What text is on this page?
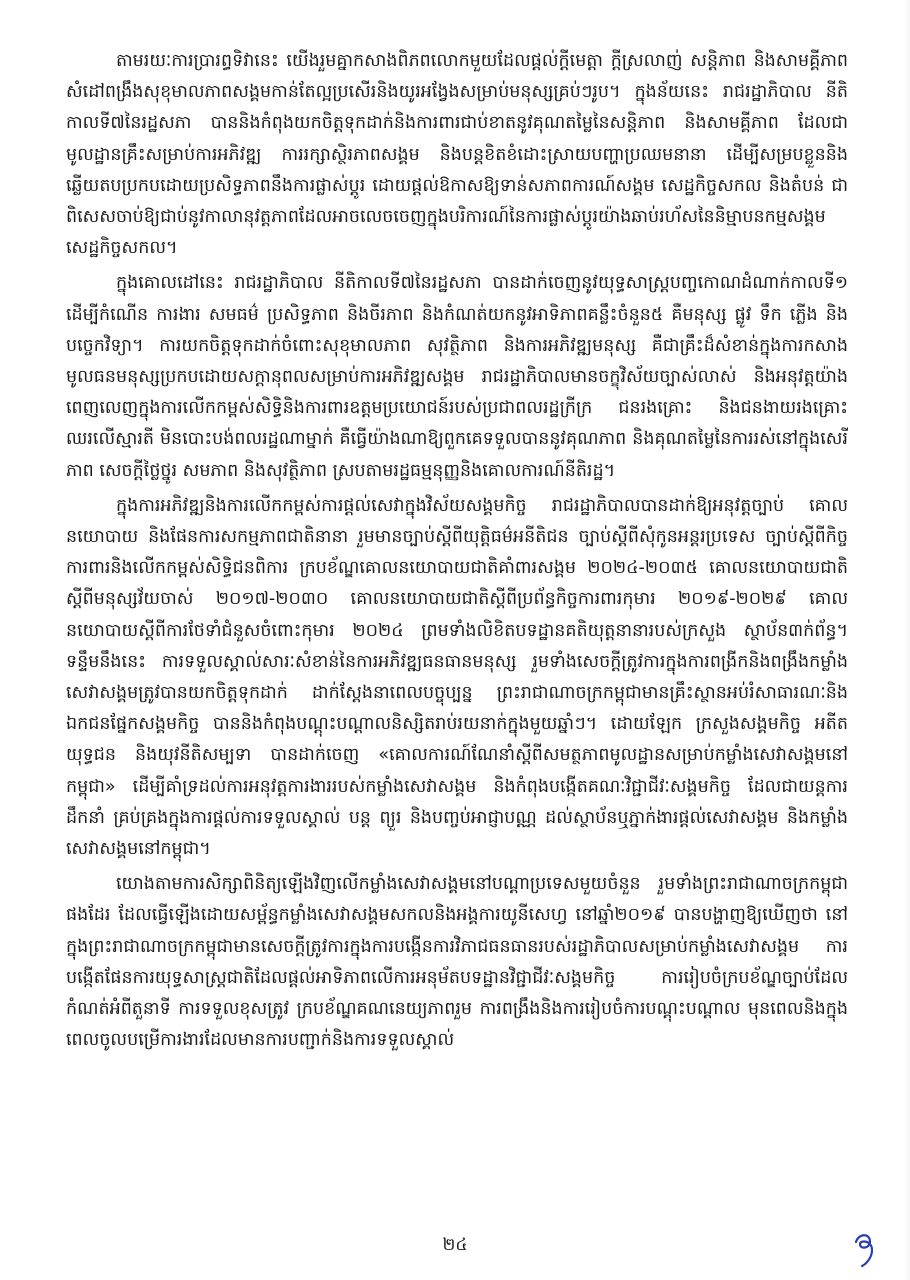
តាមរយៈការប្រារព្ធទិវានេះ យើងរួមគ្នាកសាងពិភពលោកមួយដែលផ្តល់ក្តីមេត្តា ក្តីស្រលាញ់ សន្តិភាព និងសាមគ្គីភាព សំដៅពង្រឹងសុខុមាលភាពសង្គមកាន់តែល្អប្រសើរនិងយូរអង្វែងសម្រាប់មនុស្សគ្រប់ៗរូប។ ក្នុងន័យនេះ រាជរដ្ឋាភិបាល នីតិកាលទី៧នៃរដ្ឋសភា បាននិងកំពុងយកចិត្តទុកដាក់និងការពារជាប់ខាតនូវគុណតម្លៃនៃសន្តិភាព និងសាមគ្គីភាព ដែលជាមូលដ្ឋានគ្រឹះសម្រាប់ការអភិវឌ្ឍ ការរក្សាស្ថិរភាពសង្គម និងបន្តខិតខំដោះស្រាយបញ្ហាប្រឈមនានា ដើម្បីសម្របខ្លួននិងឆ្លើយតបប្រកបដោយប្រសិទ្ធភាពនឹងការផ្លាស់ប្តូរ ដោយផ្តល់ឱកាសឱ្យទាន់សភាពការណ៍សង្គម សេដ្ឋកិច្ចសកល និងតំបន់ ជាពិសេសចាប់ឱ្យជាប់នូវកាលានុវត្តភាពដែលអាចលេចចេញក្នុងបរិការណ៍នៃការផ្លាស់ប្តូរយ៉ាងឆាប់រហ័សនៃនិម្មាបនកម្មសង្គម សេដ្ឋកិច្ចសកល។

ក្នុងគោលដៅនេះ រាជរដ្ឋាភិបាល នីតិកាលទី៧នៃរដ្ឋសភា បានដាក់ចេញនូវយុទ្ធសាស្ត្របញ្ចកោណដំណាក់កាលទី១ ដើម្បីកំណើន ការងារ សមធម៌ ប្រសិទ្ធភាព និងចីរភាព និងកំណត់យកនូវអាទិភាពគន្លឹះចំនួន៥ គឺមនុស្ស ផ្លូវ ទឹក ភ្លើង និងបច្ចេកវិទ្យា។ ការយកចិត្តទុកដាក់ចំពោះសុខុមាលភាព សុវត្ថិភាព និងការអភិវឌ្ឍមនុស្ស គឺជាគ្រឹះដ៏សំខាន់ក្នុងការកសាងមូលធនមនុស្សប្រកបដោយសក្តានុពលសម្រាប់ការអភិវឌ្ឍសង្គម រាជរដ្ឋាភិបាលមានចក្ខុវិស័យច្បាស់លាស់ និងអនុវត្តយ៉ាងពេញលេញក្នុងការលើកកម្ពស់សិទ្ធិនិងការពារឧត្តមប្រយោជន៍របស់ប្រជាពលរដ្ឋក្រីក្រ ជនរងគ្រោះ និងជនងាយរងគ្រោះ ឈរលើស្មារតី មិនបោះបង់ពលរដ្ឋណាម្នាក់ គឺធ្វើយ៉ាងណាឱ្យពួកគេទទួលបាននូវគុណភាព និងគុណតម្លៃនៃការរស់នៅក្នុងសេរីភាព សេចក្តីថ្លៃថ្នូរ សមភាព និងសុវត្ថិភាព ស្របតាមរដ្ឋធម្មនុញ្ញនិងគោលការណ៍នីតិរដ្ឋ។

ក្នុងការអភិវឌ្ឍនិងការលើកកម្ពស់ការផ្តល់សេវាក្នុងវិស័យសង្គមកិច្ច រាជរដ្ឋាភិបាលបានដាក់ឱ្យអនុវត្តច្បាប់ គោលនយោបាយ និងផែនការសកម្មភាពជាតិនានា រួមមានច្បាប់ស្តីពីយុត្តិធម៌អនីតិជន ច្បាប់ស្តីពីសុំកូនអន្តរប្រទេស ច្បាប់ស្តីពីកិច្ចការពារនិងលើកកម្ពស់សិទ្ធិជនពិការ ក្របខ័ណ្ឌគោលនយោបាយជាតិគាំពារសង្គម ២០២៤-២០៣៥ គោលនយោបាយជាតិស្តីពីមនុស្សវ័យចាស់ ២០១៧-២០៣០ គោលនយោបាយជាតិស្តីពីប្រព័ន្ធកិច្ចការពារកុមារ ២០១៩-២០២៩ គោលនយោបាយស្តីពីការថែទាំជំនួសចំពោះកុមារ ២០២៤ ព្រមទាំងលិខិតបទដ្ឋានគតិយុត្តនានារបស់ក្រសួង ស្ថាប័ន៣ក់ព័ន្ធ។ ទន្ទឹមនឹងនេះ ការទទួលស្គាល់សារៈសំខាន់នៃការអភិវឌ្ឍធនធានមនុស្ស រួមទាំងសេចក្តីត្រូវការក្នុងការពង្រីកនិងពង្រឹងកម្លាំងសេវាសង្គមត្រូវបានយកចិត្តទុកដាក់ ដាក់ស្តែងនាពេលបច្ចុប្បន្ន ព្រះរាជាណាចក្រកម្ពុជាមានគ្រឹះស្ថានអប់រំសាធារណៈនិងឯកជនផ្នែកសង្គមកិច្ច បាននិងកំពុងបណ្តុះបណ្តាលនិស្សិតរាប់រយនាក់ក្នុងមួយឆ្នាំៗ។ ដោយឡែក ក្រសួងសង្គមកិច្ច អតីតយុទ្ធជន និងយុវនីតិសម្បទា បានដាក់ចេញ «គោលការណ៍ណែនាំស្តីពីសមត្ថភាពមូលដ្ឋានសម្រាប់កម្លាំងសេវាសង្គមនៅកម្ពុជា» ដើម្បីគាំទ្រដល់ការអនុវត្តការងាររបស់កម្លាំងសេវាសង្គម និងកំពុងបង្កើតគណៈវិជ្ជាជីវៈសង្គមកិច្ច ដែលជាយន្តការដឹកនាំ គ្រប់គ្រងក្នុងការផ្តល់ការទទួលស្គាល់ បន្ត ព្យួរ និងបញ្ចប់អាជ្ញាបណ្ណ ដល់ស្ថាប័នឬភ្នាក់ងារផ្តល់សេវាសង្គម និងកម្លាំងសេវាសង្គមនៅកម្ពុជា។

យោងតាមការសិក្សាពិនិត្យឡើងវិញលើកម្លាំងសេវាសង្គមនៅបណ្តាប្រទេសមួយចំនួន រួមទាំងព្រះរាជាណាចក្រកម្ពុជាផងដែរ ដែលធ្វើឡើងដោយសម្ព័ន្ធកម្លាំងសេវាសង្គមសកលនិងអង្គការយូនីសេហ្វ នៅឆ្នាំ២០១៩ បានបង្ហាញឱ្យឃើញថា នៅក្នុងព្រះរាជាណាចក្រកម្ពុជាមានសេចក្តីត្រូវការក្នុងការបង្កើនការវិភាជធនធានរបស់រដ្ឋាភិបាលសម្រាប់កម្លាំងសេវាសង្គម ការបង្កើតផែនការយុទ្ធសាស្ត្រជាតិដែលផ្តល់អាទិភាពលើការអនុម័តបទដ្ឋានវិជ្ជាជីវៈសង្គមកិច្ច ការរៀបចំក្របខ័ណ្ឌច្បាប់ដែលកំណត់អំពីតួនាទី ការទទួលខុសត្រូវ ក្របខ័ណ្ឌគណនេយ្យភាពរួម ការពង្រឹងនិងការរៀបចំការបណ្តុះបណ្តាល មុនពេលនិងក្នុងពេលចូលបម្រើការងារដែលមានការបញ្ជាក់និងការទទួលស្គាល់

២៤
